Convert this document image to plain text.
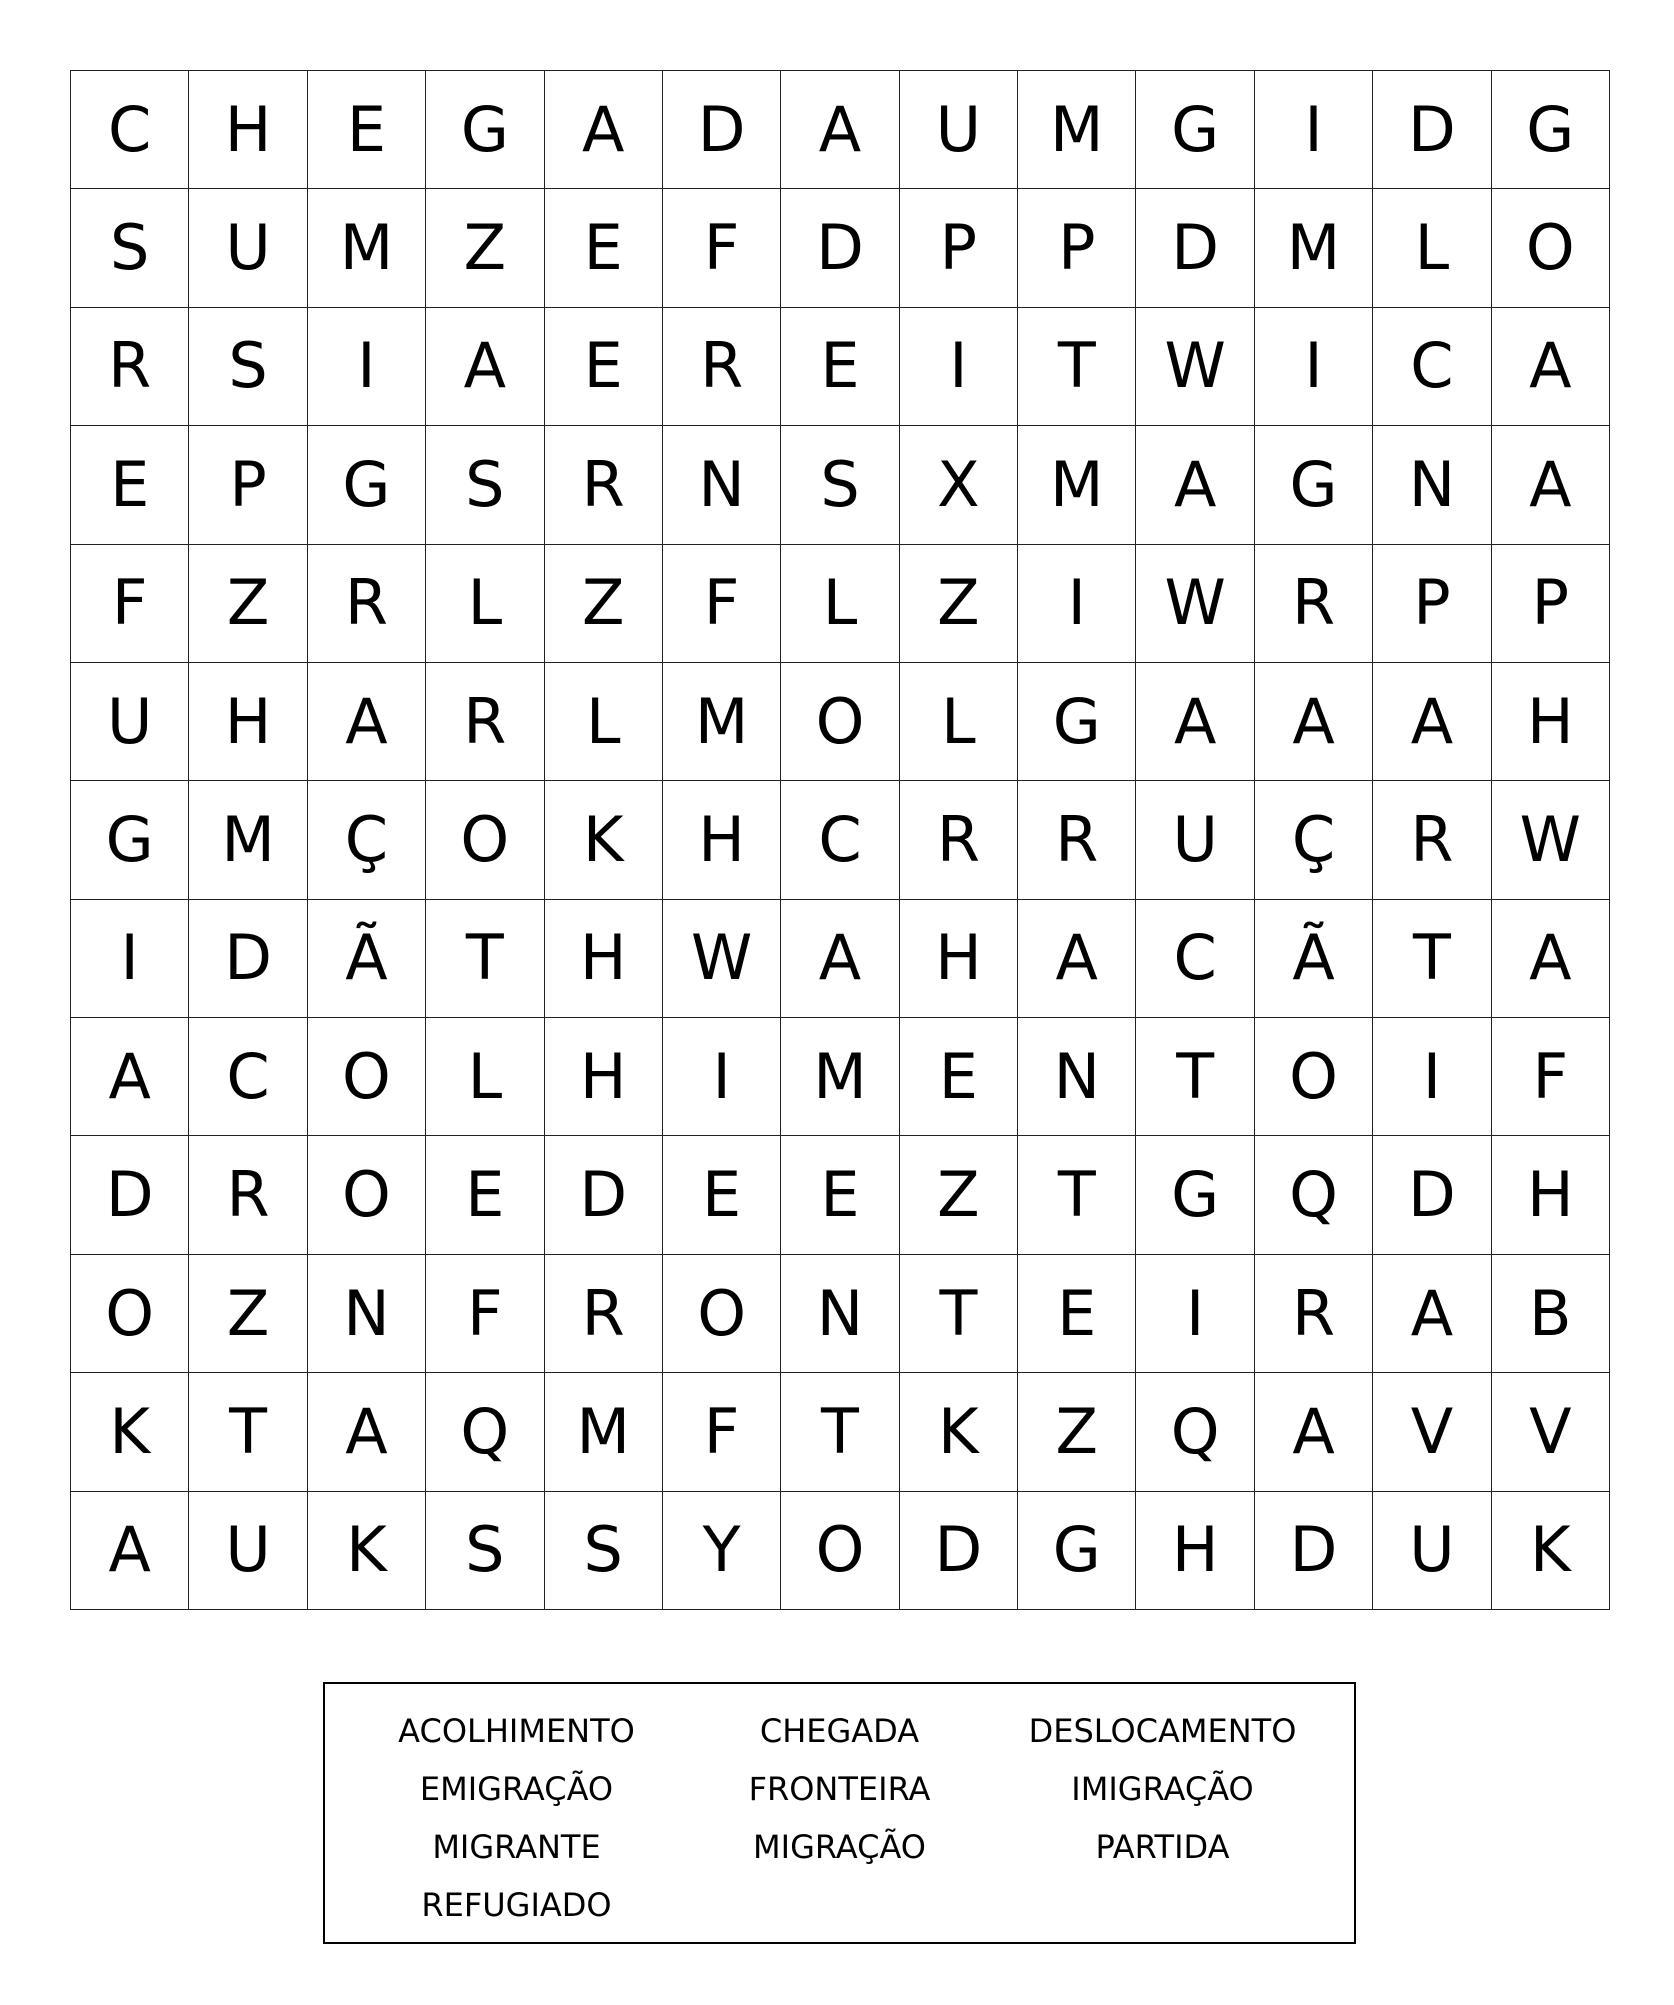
C	H	E	G	A	D	A	U	M	G	I	D	G
S	U	M	Z	E	F	D	P	P	D	M	L	O
R	S	I	A	E	R	E	I	T	W	I	C	A
E	P	G	S	R	N	S	X	M	A	G	N	A
F	Z	R	L	Z	F	L	Z	I	W	R	P	P
U	H	A	R	L	M	O	L	G	A	A	A	H
G	M	Ç	O	K	H	C	R	R	U	Ç	R	W
I	D	Ã	T	H	W	A	H	A	C	Ã	T	A
A	C	O	L	H	I	M	E	N	T	O	I	F
D	R	O	E	D	E	E	Z	T	G	Q	D	H
O	Z	N	F	R	O	N	T	E	I	R	A	B
K	T	A	Q	M	F	T	K	Z	Q	A	V	V
A	U	K	S	S	Y	O	D	G	H	D	U	K
ACOLHIMENTO
EMIGRAÇÃO
MIGRANTE
REFUGIADO
CHEGADA
FRONTEIRA
MIGRAÇÃO
DESLOCAMENTO
IMIGRAÇÃO
PARTIDA
